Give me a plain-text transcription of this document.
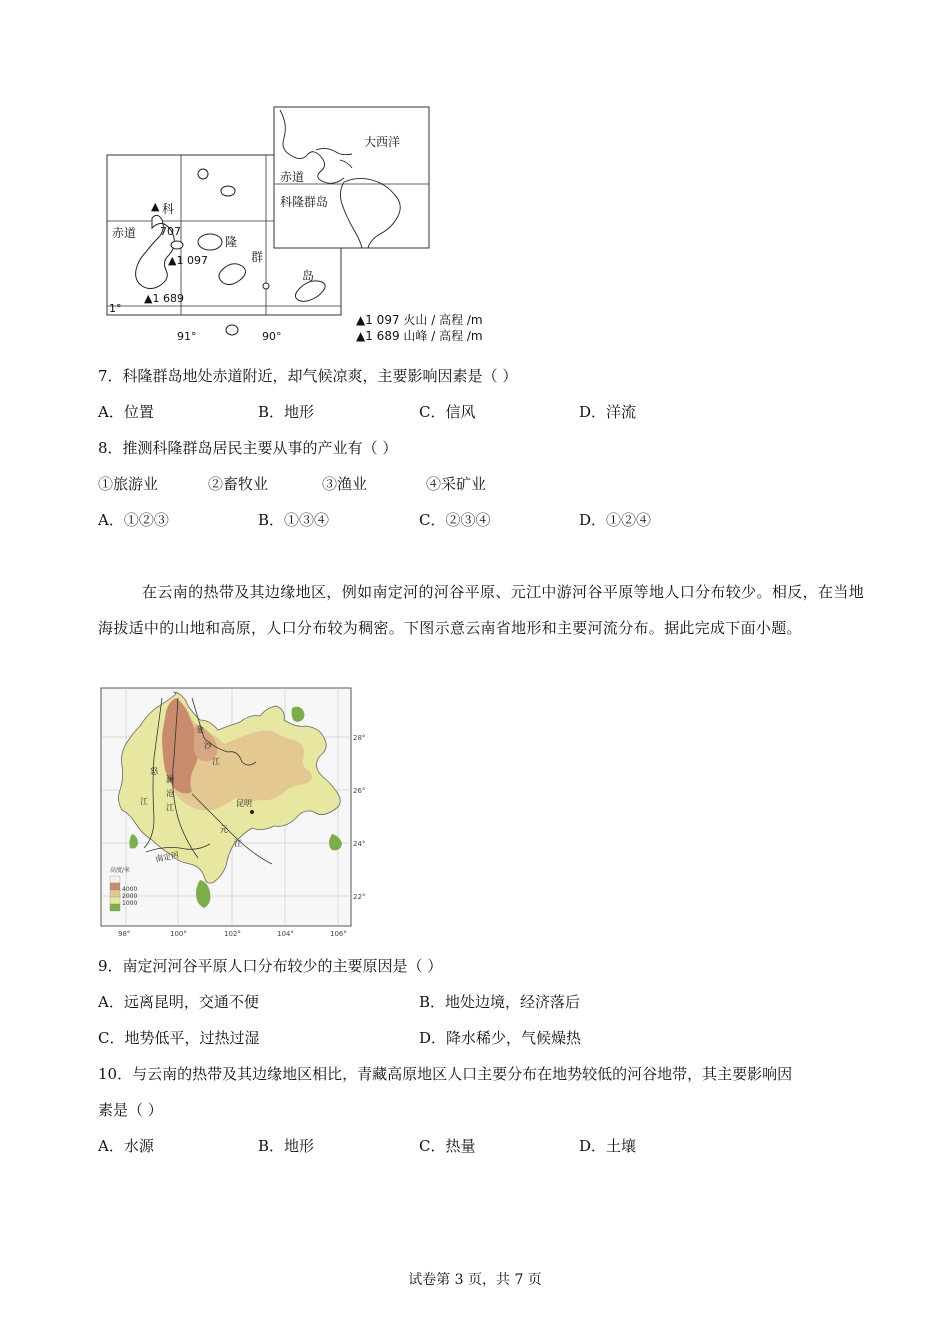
科
赤道
▲
707
隆
▲1 097	群
岛
▲1 689
1°
91°	90°
大西洋
赤道
科隆群岛
▲1 097 火山 / 高程 /m
▲1 689 山峰 / 高程 /m
7．科隆群岛地处赤道附近，却气候凉爽，主要影响因素是（ ）
A．位置	B．地形	C．信风	D．洋流
8．推测科隆群岛居民主要从事的产业有（ ）
①旅游业	②畜牧业	③渔业	④采矿业
A．①②③	B．①③④	C．②③④	D．①②④
在云南的热带及其边缘地区，例如南定河的河谷平原、元江中游河谷平原等地人口分布较少。相反，在当地海拔适中的山地和高原，人口分布较为稠密。下图示意云南省地形和主要河流分布。据此完成下面小题。
昆明
怒
江
澜
沧
江
金
沙
江
元
江
南定河
28°
26°
24°
22°
98°	100°	102°	104°	106°
高度/米
4000
2000
1000
9．南定河河谷平原人口分布较少的主要原因是（ ）
A．远离昆明，交通不便	B．地处边境，经济落后
C．地势低平，过热过湿	D．降水稀少，气候燥热
10．与云南的热带及其边缘地区相比，青藏高原地区人口主要分布在地势较低的河谷地带，其主要影响因
素是（ ）
A．水源	B．地形	C．热量	D．土壤
试卷第 3 页，共 7 页
